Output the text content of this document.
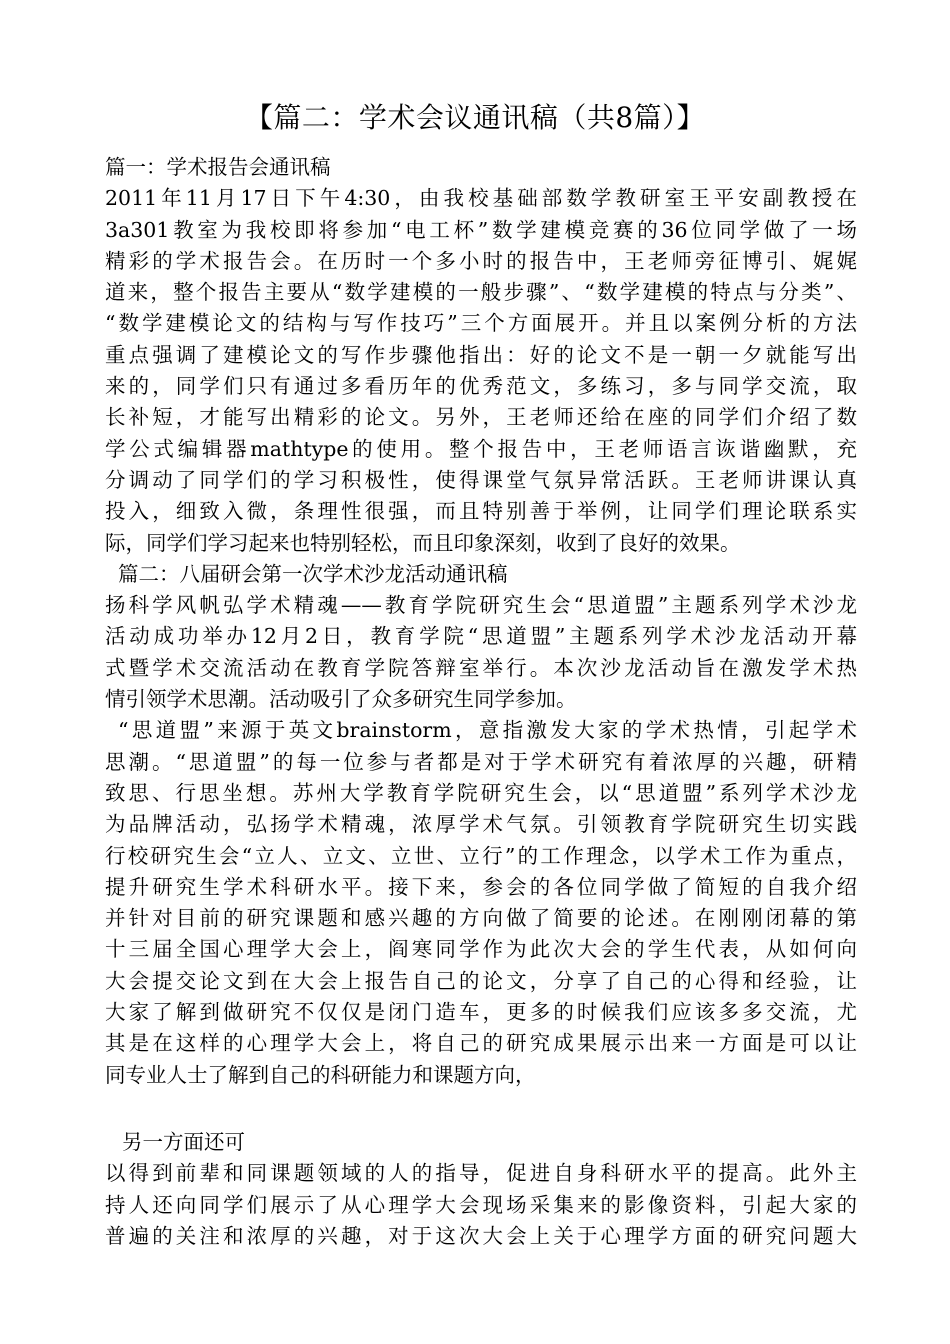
【篇二：学术会议通讯稿（共8篇）】
篇一：学术报告会通讯稿
2011年11月17日下午4:30，由我校基础部数学教研室王平安副教授在
3a301教室为我校即将参加“电工杯”数学建模竞赛的36位同学做了一场
精彩的学术报告会。在历时一个多小时的报告中，王老师旁征博引、娓娓
道来，整个报告主要从“数学建模的一般步骤”、“数学建模的特点与分类”、
“数学建模论文的结构与写作技巧”三个方面展开。并且以案例分析的方法
重点强调了建模论文的写作步骤他指出：好的论文不是一朝一夕就能写出
来的，同学们只有通过多看历年的优秀范文，多练习，多与同学交流，取
长补短，才能写出精彩的论文。另外，王老师还给在座的同学们介绍了数
学公式编辑器mathtype的使用。整个报告中，王老师语言诙谐幽默，充
分调动了同学们的学习积极性，使得课堂气氛异常活跃。王老师讲课认真
投入，细致入微，条理性很强，而且特别善于举例，让同学们理论联系实
际，同学们学习起来也特别轻松，而且印象深刻，收到了良好的效果。
篇二：八届研会第一次学术沙龙活动通讯稿
扬科学风帆弘学术精魂——教育学院研究生会“思道盟”主题系列学术沙龙
活动成功举办12月2日，教育学院“思道盟”主题系列学术沙龙活动开幕
式暨学术交流活动在教育学院答辩室举行。本次沙龙活动旨在激发学术热
情引领学术思潮。活动吸引了众多研究生同学参加。
“思道盟”来源于英文brainstorm，意指激发大家的学术热情，引起学术
思潮。“思道盟”的每一位参与者都是对于学术研究有着浓厚的兴趣，研精
致思、行思坐想。苏州大学教育学院研究生会，以“思道盟”系列学术沙龙
为品牌活动，弘扬学术精魂，浓厚学术气氛。引领教育学院研究生切实践
行校研究生会“立人、立文、立世、立行”的工作理念，以学术工作为重点，
提升研究生学术科研水平。接下来，参会的各位同学做了简短的自我介绍
并针对目前的研究课题和感兴趣的方向做了简要的论述。在刚刚闭幕的第
十三届全国心理学大会上，阎寒同学作为此次大会的学生代表，从如何向
大会提交论文到在大会上报告自己的论文，分享了自己的心得和经验，让
大家了解到做研究不仅仅是闭门造车，更多的时候我们应该多多交流，尤
其是在这样的心理学大会上，将自己的研究成果展示出来一方面是可以让
同专业人士了解到自己的科研能力和课题方向，
另一方面还可
以得到前辈和同课题领域的人的指导，促进自身科研水平的提高。此外主
持人还向同学们展示了从心理学大会现场采集来的影像资料，引起大家的
普遍的关注和浓厚的兴趣，对于这次大会上关于心理学方面的研究问题大
